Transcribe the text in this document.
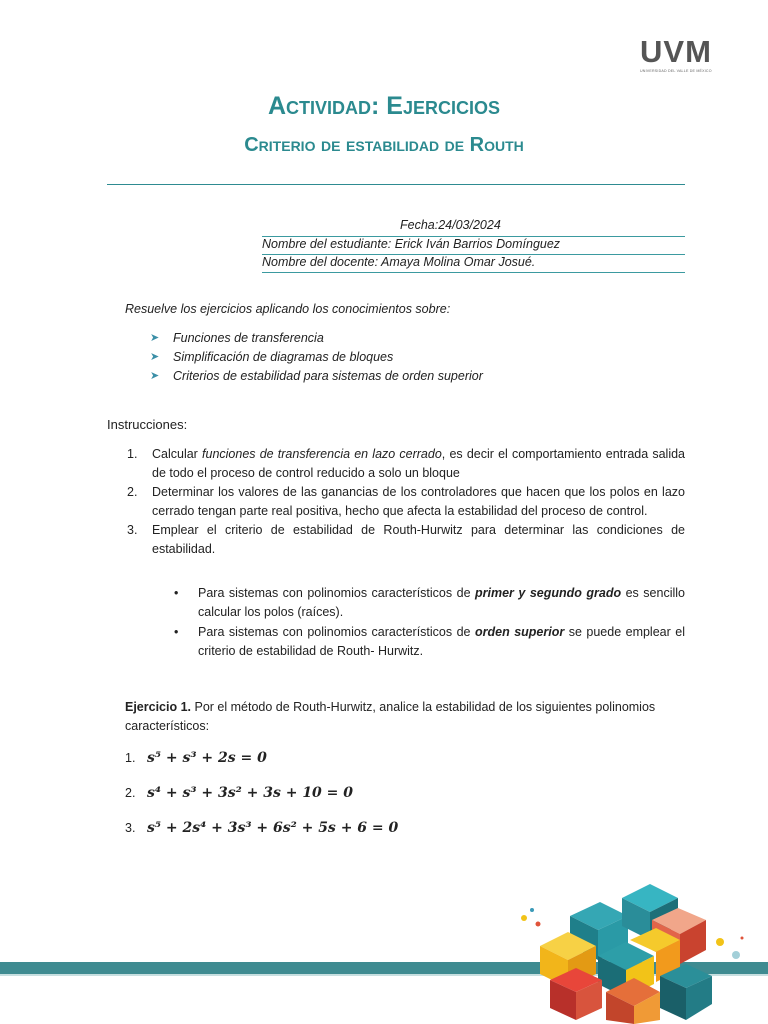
UVM
UNIVERSIDAD DEL VALLE DE MÉXICO
Actividad: Ejercicios
Criterio de estabilidad de Routh
Fecha:24/03/2024
Nombre del estudiante: Erick Iván Barrios Domínguez
Nombre del docente: Amaya Molina Omar Josué.
Resuelve los ejercicios aplicando los conocimientos sobre:
➤ Funciones de transferencia
➤ Simplificación de diagramas de bloques
➤ Criterios de estabilidad para sistemas de orden superior
Instrucciones:
1. Calcular funciones de transferencia en lazo cerrado, es decir el comportamiento entrada salida de todo el proceso de control reducido a solo un bloque
2. Determinar los valores de las ganancias de los controladores que hacen que los polos en lazo cerrado tengan parte real positiva, hecho que afecta la estabilidad del proceso de control.
3. Emplear el criterio de estabilidad de Routh-Hurwitz para determinar las condiciones de estabilidad.
• Para sistemas con polinomios característicos de primer y segundo grado es sencillo calcular los polos (raíces).
• Para sistemas con polinomios característicos de orden superior se puede emplear el criterio de estabilidad de Routh- Hurwitz.
Ejercicio 1. Por el método de Routh-Hurwitz, analice la estabilidad de los siguientes polinomios característicos:
1. s⁵ + s³ + 2s = 0
2. s⁴ + s³ + 3s² + 3s + 10 = 0
3. s⁵ + 2s⁴ + 3s³ + 6s² + 5s + 6 = 0
